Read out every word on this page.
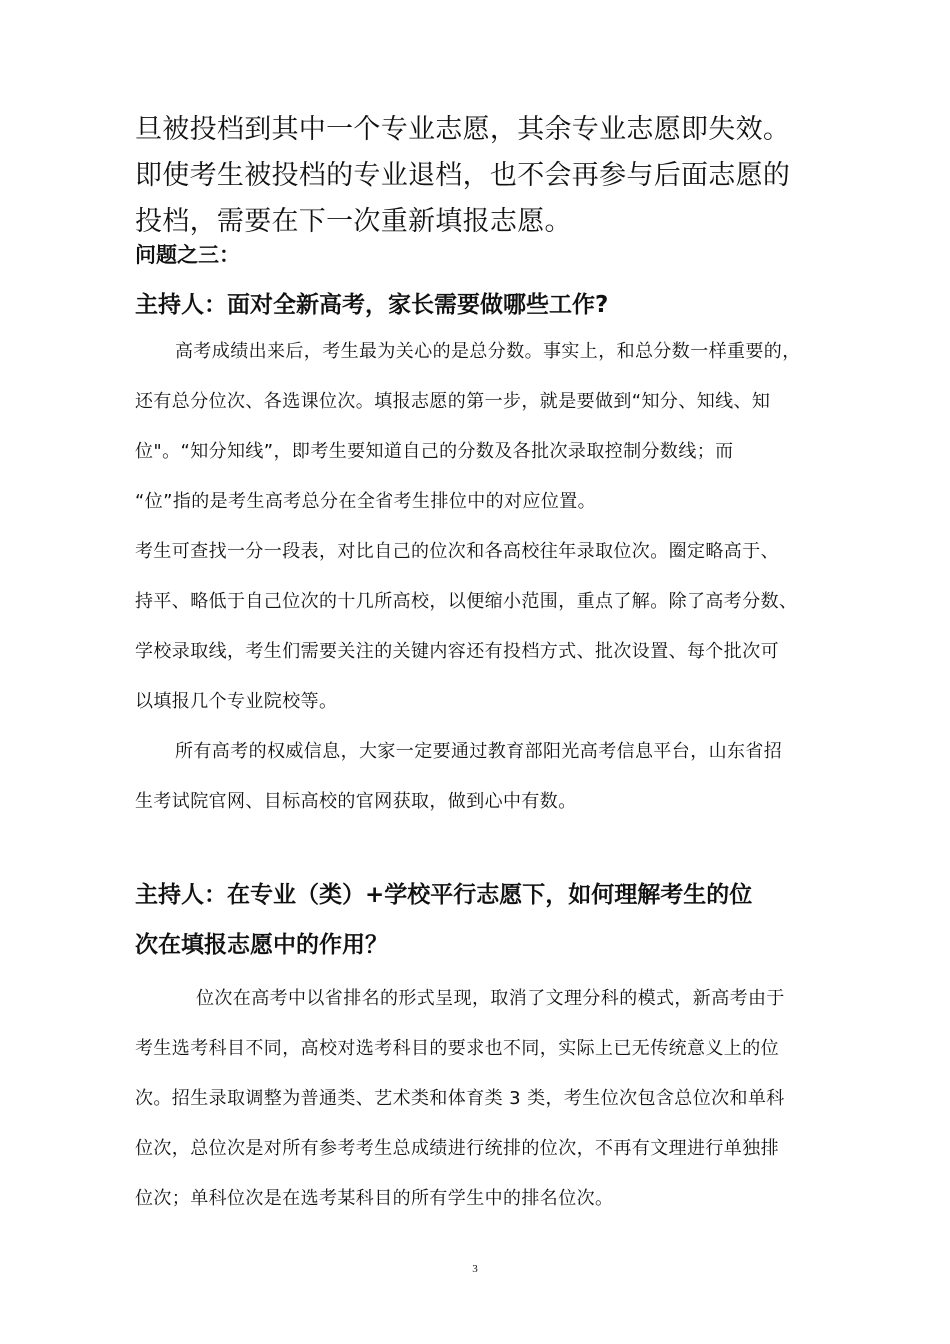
旦被投档到其中一个专业志愿，其余专业志愿即失效。
即使考生被投档的专业退档，也不会再参与后面志愿的
投档，需要在下一次重新填报志愿。
问题之三：
主持人：面对全新高考，家长需要做哪些工作?
高考成绩出来后，考生最为关心的是总分数。事实上，和总分数一样重要的，
还有总分位次、各选课位次。填报志愿的第一步，就是要做到“知分、知线、知
位"。“知分知线”，即考生要知道自己的分数及各批次录取控制分数线；而
“位”指的是考生高考总分在全省考生排位中的对应位置。
考生可查找一分一段表，对比自己的位次和各高校往年录取位次。圈定略高于、
持平、略低于自己位次的十几所高校，以便缩小范围，重点了解。除了高考分数、
学校录取线，考生们需要关注的关键内容还有投档方式、批次设置、每个批次可
以填报几个专业院校等。
所有高考的权威信息，大家一定要通过教育部阳光高考信息平台，山东省招
生考试院官网、目标高校的官网获取，做到心中有数。
主持人：在专业（类）+学校平行志愿下，如何理解考生的位
次在填报志愿中的作用？
位次在高考中以省排名的形式呈现，取消了文理分科的模式，新高考由于
考生选考科目不同，高校对选考科目的要求也不同，实际上已无传统意义上的位
次。招生录取调整为普通类、艺术类和体育类 3 类，考生位次包含总位次和单科
位次，总位次是对所有参考考生总成绩进行统排的位次，不再有文理进行单独排
位次；单科位次是在选考某科目的所有学生中的排名位次。
3
